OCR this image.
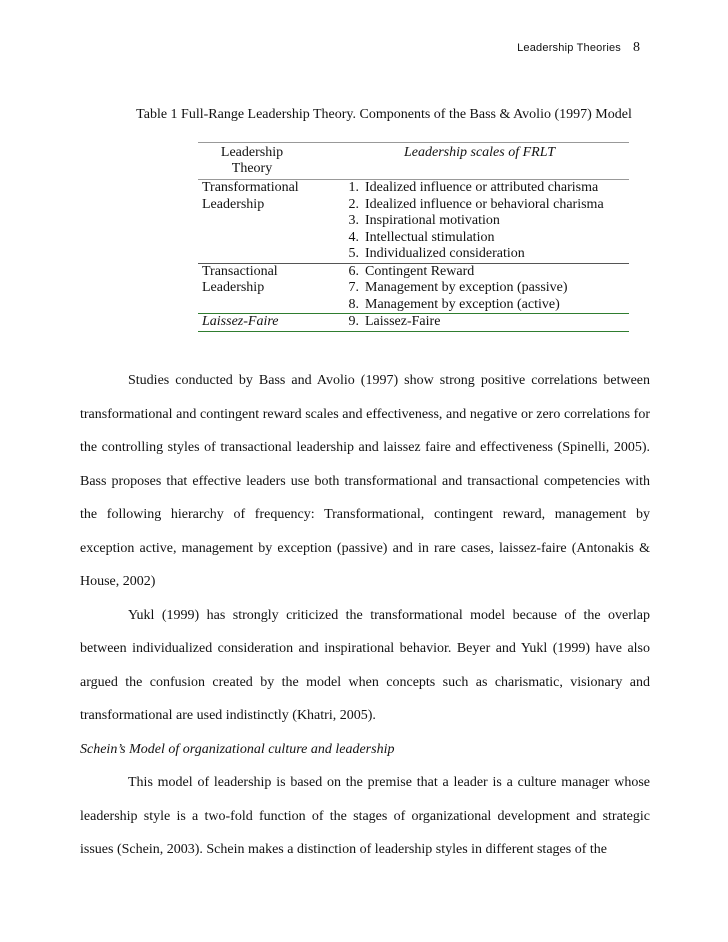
Leadership Theories 8
Table 1 Full-Range Leadership Theory. Components of the Bass & Avolio (1997) Model
Leadership
Theory
Leadership scales of FRLT
Transformational
Leadership
1. Idealized influence or attributed charisma
2. Idealized influence or behavioral charisma
3. Inspirational motivation
4. Intellectual stimulation
5. Individualized consideration
Transactional
Leadership
6. Contingent Reward
7. Management by exception (passive)
8. Management by exception (active)
Laissez-Faire	9. Laissez-Faire

Studies conducted by Bass and Avolio (1997) show strong positive correlations between transformational and contingent reward scales and effectiveness, and negative or zero correlations for the controlling styles of transactional leadership and laissez faire and effectiveness (Spinelli, 2005). Bass proposes that effective leaders use both transformational and transactional competencies with the following hierarchy of frequency: Transformational, contingent reward, management by exception active, management by exception (passive) and in rare cases, laissez-faire (Antonakis & House, 2002)

Yukl (1999) has strongly criticized the transformational model because of the overlap between individualized consideration and inspirational behavior. Beyer and Yukl (1999) have also argued the confusion created by the model when concepts such as charismatic, visionary and transformational are used indistinctly (Khatri, 2005).

Schein’s Model of organizational culture and leadership

This model of leadership is based on the premise that a leader is a culture manager whose leadership style is a two-fold function of the stages of organizational development and strategic issues (Schein, 2003). Schein makes a distinction of leadership styles in different stages of the
